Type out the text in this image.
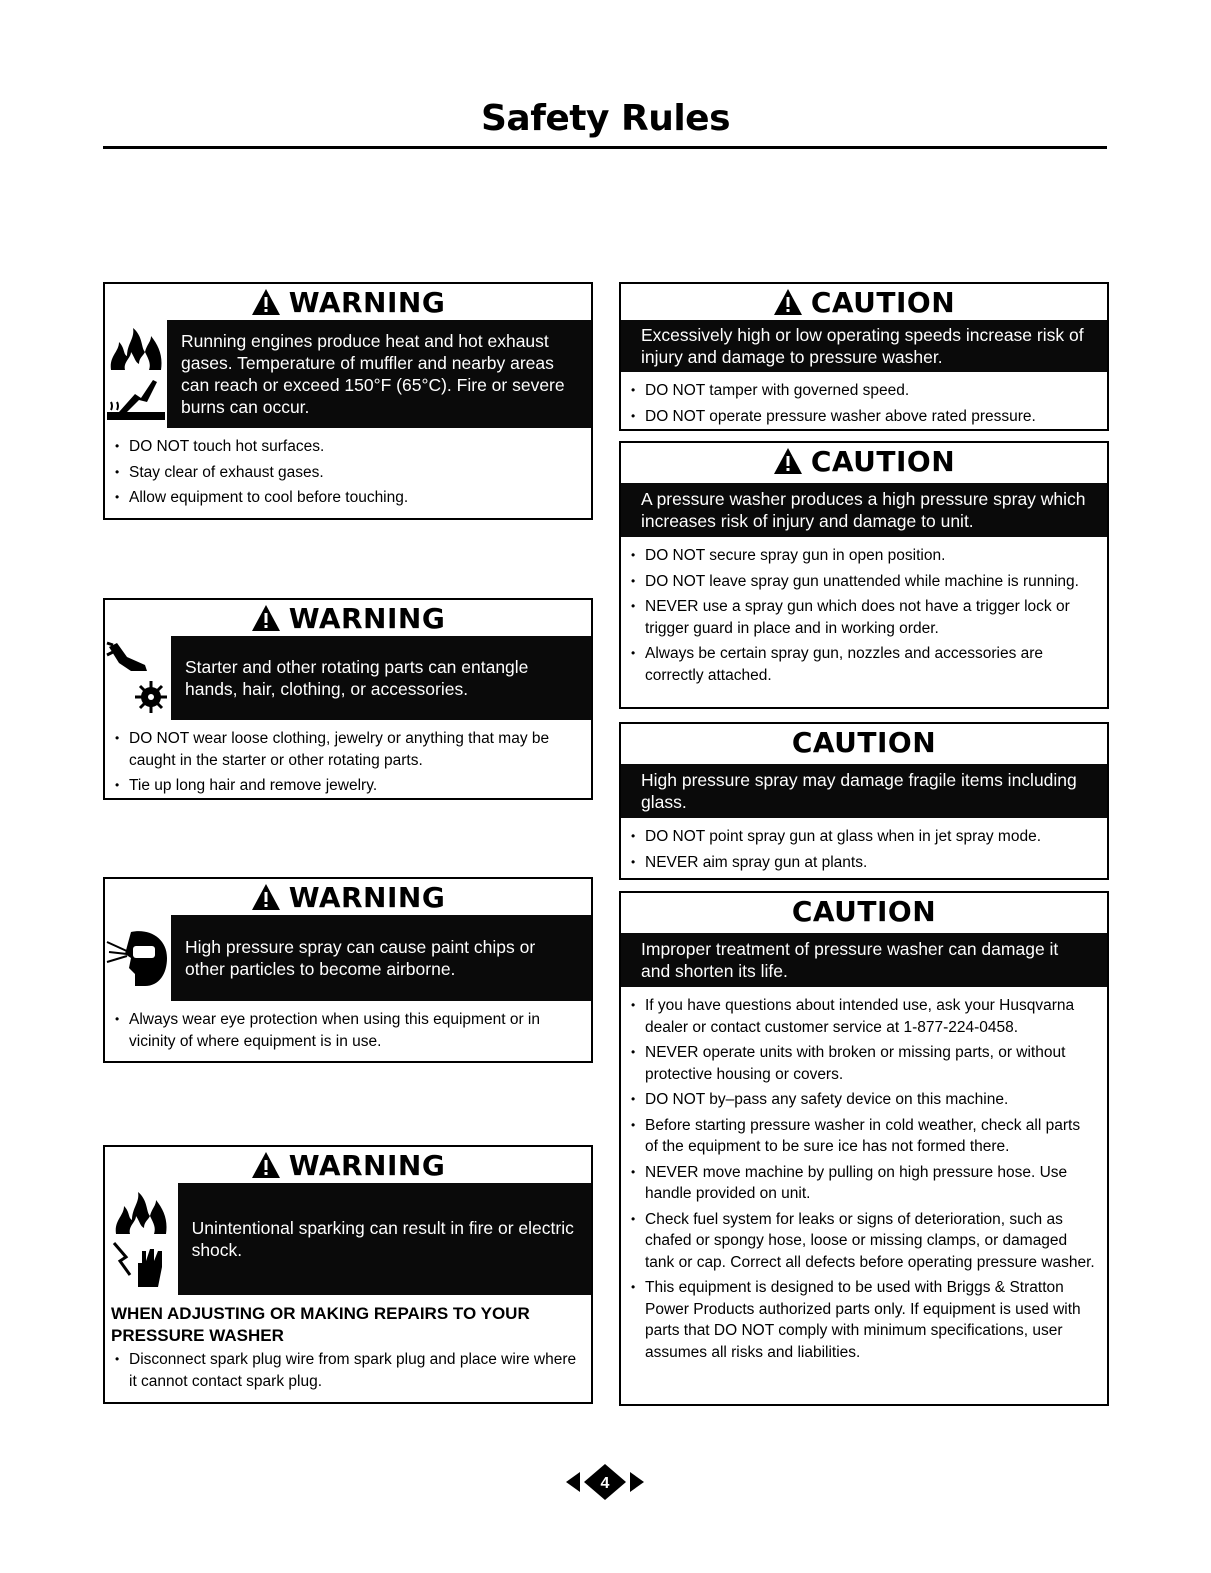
Safety Rules
WARNING
Running engines produce heat and hot exhaust gases. Temperature of muffler and nearby areas can reach or exceed 150°F (65°C). Fire or severe burns can occur.
• DO NOT touch hot surfaces.
• Stay clear of exhaust gases.
• Allow equipment to cool before touching.
WARNING
Starter and other rotating parts can entangle hands, hair, clothing, or accessories.
• DO NOT wear loose clothing, jewelry or anything that may be caught in the starter or other rotating parts.
• Tie up long hair and remove jewelry.
WARNING
High pressure spray can cause paint chips or other particles to become airborne.
• Always wear eye protection when using this equipment or in vicinity of where equipment is in use.
WARNING
Unintentional sparking can result in fire or electric shock.
WHEN ADJUSTING OR MAKING REPAIRS TO YOUR PRESSURE WASHER
• Disconnect spark plug wire from spark plug and place wire where it cannot contact spark plug.
CAUTION
Excessively high or low operating speeds increase risk of injury and damage to pressure washer.
• DO NOT tamper with governed speed.
• DO NOT operate pressure washer above rated pressure.
CAUTION
A pressure washer produces a high pressure spray which increases risk of injury and damage to unit.
• DO NOT secure spray gun in open position.
• DO NOT leave spray gun unattended while machine is running.
• NEVER use a spray gun which does not have a trigger lock or trigger guard in place and in working order.
• Always be certain spray gun, nozzles and accessories are correctly attached.
CAUTION
High pressure spray may damage fragile items including glass.
• DO NOT point spray gun at glass when in jet spray mode.
• NEVER aim spray gun at plants.
CAUTION
Improper treatment of pressure washer can damage it and shorten its life.
• If you have questions about intended use, ask your Husqvarna dealer or contact customer service at 1-877-224-0458.
• NEVER operate units with broken or missing parts, or without protective housing or covers.
• DO NOT by–pass any safety device on this machine.
• Before starting pressure washer in cold weather, check all parts of the equipment to be sure ice has not formed there.
• NEVER move machine by pulling on high pressure hose. Use handle provided on unit.
• Check fuel system for leaks or signs of deterioration, such as chafed or spongy hose, loose or missing clamps, or damaged tank or cap. Correct all defects before operating pressure washer.
• This equipment is designed to be used with Briggs & Stratton Power Products authorized parts only. If equipment is used with parts that DO NOT comply with minimum specifications, user assumes all risks and liabilities.
4
